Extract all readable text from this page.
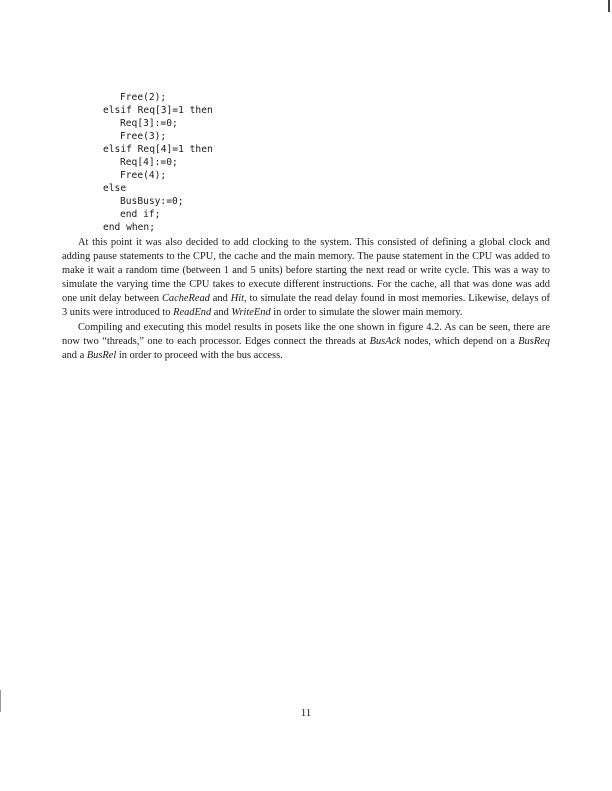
Free(2);
elsif Req[3]=1 then
Req[3]:=0;
Free(3);
elsif Req[4]=1 then
Req[4]:=0;
Free(4);
else
BusBusy:=0;
end if;
end when;

At this point it was also decided to add clocking to the system. This consisted of defining a global clock and adding pause statements to the CPU, the cache and the main memory. The pause statement in the CPU was added to make it wait a random time (between 1 and 5 units) before starting the next read or write cycle. This was a way to simulate the varying time the CPU takes to execute different instructions. For the cache, all that was done was add one unit delay between CacheRead and Hit, to simulate the read delay found in most memories. Likewise, delays of 3 units were introduced to ReadEnd and WriteEnd in order to simulate the slower main memory.

Compiling and executing this model results in posets like the one shown in figure 4.2. As can be seen, there are now two “threads,” one to each processor. Edges connect the threads at BusAck nodes, which depend on a BusReq and a BusRel in order to proceed with the bus access.

11
